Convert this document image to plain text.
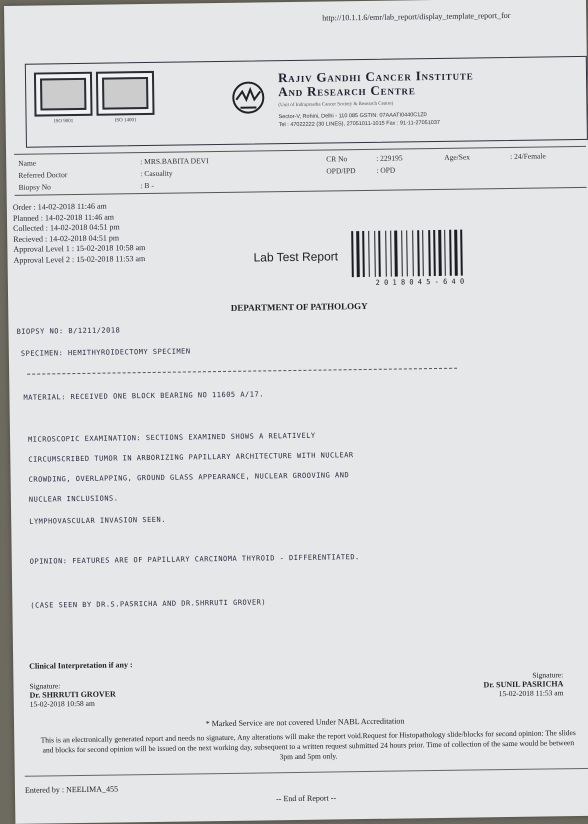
http://10.1.1.6/emr/lab_report/display_template_report_for
ISO 9001	ISO 14001
Rajiv Gandhi Cancer Institute
And Research Centre
(Unit of Indraprastha Cancer Society & Research Centre)
Sector-V, Rohini, Delhi - 110 085 GSTIN: 07AAATI0440C1Z0
Tel : 47022222 (30 LINES), 27051011-1015 Fax : 91-11-27051037
Name	: MRS.BABITA DEVI
Referred Doctor	: Casuality
Biopsy No	: B -
CR No	: 229195	Age/Sex	: 24/Female
OPD/IPD	: OPD
Order : 14-02-2018 11:46 am
Planned : 14-02-2018 11:46 am
Collected : 14-02-2018 04:51 pm
Recieved : 14-02-2018 04:51 pm
Approval Level 1 : 15-02-2018 10:58 am
Approval Level 2 : 15-02-2018 11:53 am	Lab Test Report
2 0 1 8 0 4 5 - 6 4 0
DEPARTMENT OF PATHOLOGY
BIOPSY NO: B/1211/2018
SPECIMEN: HEMITHYROIDECTOMY SPECIMEN
MATERIAL: RECEIVED ONE BLOCK BEARING NO 11605 A/17.
MICROSCOPIC EXAMINATION: SECTIONS EXAMINED SHOWS A RELATIVELY
CIRCUMSCRIBED TUMOR IN ARBORIZING PAPILLARY ARCHITECTURE WITH NUCLEAR
CROWDING, OVERLAPPING, GROUND GLASS APPEARANCE, NUCLEAR GROOVING AND
NUCLEAR INCLUSIONS.
LYMPHOVASCULAR INVASION SEEN.
OPINION: FEATURES ARE OF PAPILLARY CARCINOMA THYROID - DIFFERENTIATED.
(CASE SEEN BY DR.S.PASRICHA AND DR.SHRRUTI GROVER)
Clinical Interpretation if any :
Signature:
Dr. SHRRUTI GROVER
15-02-2018 10:58 am
Signature:
Dr. SUNIL PASRICHA
15-02-2018 11:53 am
* Marked Service are not covered Under NABL Accreditation
This is an electronically generated report and needs no signature, Any alterations will make the report void.Request for Histopathology slide/blocks for second opinion: The slides and blocks for second opinion will be issued on the next working day, subsequent to a written request submitted 24 hours prior. Time of collection of the same would be between 3pm and 5pm only.
Entered by : NEELIMA_455
-- End of Report --
